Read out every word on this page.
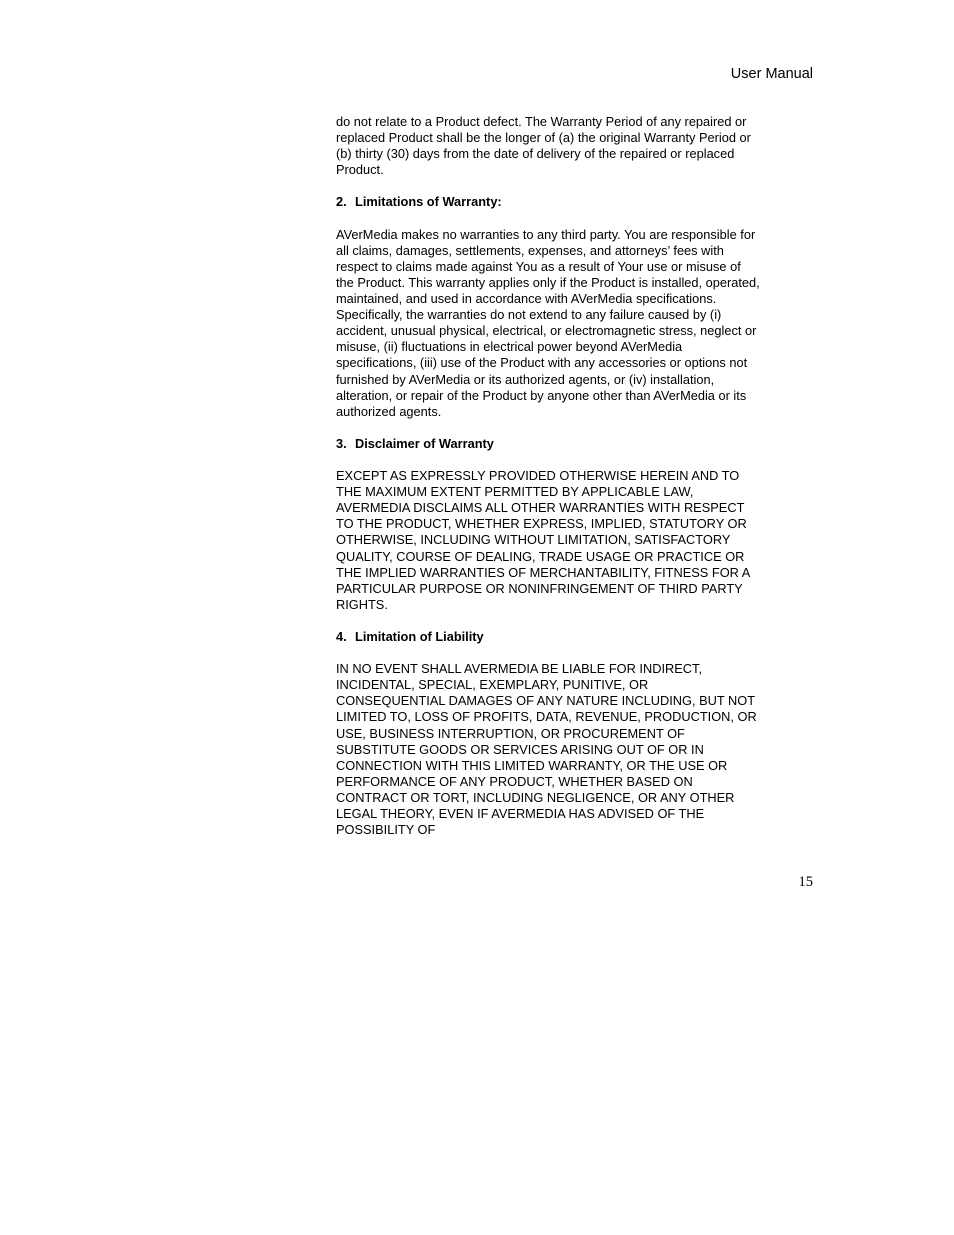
User Manual

do not relate to a Product defect. The Warranty Period of any repaired or replaced Product shall be the longer of (a) the original Warranty Period or (b) thirty (30) days from the date of delivery of the repaired or replaced Product.

2. Limitations of Warranty:

AVerMedia makes no warranties to any third party. You are responsible for all claims, damages, settlements, expenses, and attorneys’ fees with respect to claims made against You as a result of Your use or misuse of the Product. This warranty applies only if the Product is installed, operated, maintained, and used in accordance with AVerMedia specifications. Specifically, the warranties do not extend to any failure caused by (i) accident, unusual physical, electrical, or electromagnetic stress, neglect or misuse, (ii) fluctuations in electrical power beyond AVerMedia specifications, (iii) use of the Product with any accessories or options not furnished by AVerMedia or its authorized agents, or (iv) installation, alteration, or repair of the Product by anyone other than AVerMedia or its authorized agents.

3. Disclaimer of Warranty

EXCEPT AS EXPRESSLY PROVIDED OTHERWISE HEREIN AND TO THE MAXIMUM EXTENT PERMITTED BY APPLICABLE LAW, AVERMEDIA DISCLAIMS ALL OTHER WARRANTIES WITH RESPECT TO THE PRODUCT, WHETHER EXPRESS, IMPLIED, STATUTORY OR OTHERWISE, INCLUDING WITHOUT LIMITATION, SATISFACTORY QUALITY, COURSE OF DEALING, TRADE USAGE OR PRACTICE OR THE IMPLIED WARRANTIES OF MERCHANTABILITY, FITNESS FOR A PARTICULAR PURPOSE OR NONINFRINGEMENT OF THIRD PARTY RIGHTS.

4. Limitation of Liability

IN NO EVENT SHALL AVERMEDIA BE LIABLE FOR INDIRECT, INCIDENTAL, SPECIAL, EXEMPLARY, PUNITIVE, OR CONSEQUENTIAL DAMAGES OF ANY NATURE INCLUDING, BUT NOT LIMITED TO, LOSS OF PROFITS, DATA, REVENUE, PRODUCTION, OR USE, BUSINESS INTERRUPTION, OR PROCUREMENT OF SUBSTITUTE GOODS OR SERVICES ARISING OUT OF OR IN CONNECTION WITH THIS LIMITED WARRANTY, OR THE USE OR PERFORMANCE OF ANY PRODUCT, WHETHER BASED ON CONTRACT OR TORT, INCLUDING NEGLIGENCE, OR ANY OTHER LEGAL THEORY, EVEN IF AVERMEDIA HAS ADVISED OF THE POSSIBILITY OF

15
